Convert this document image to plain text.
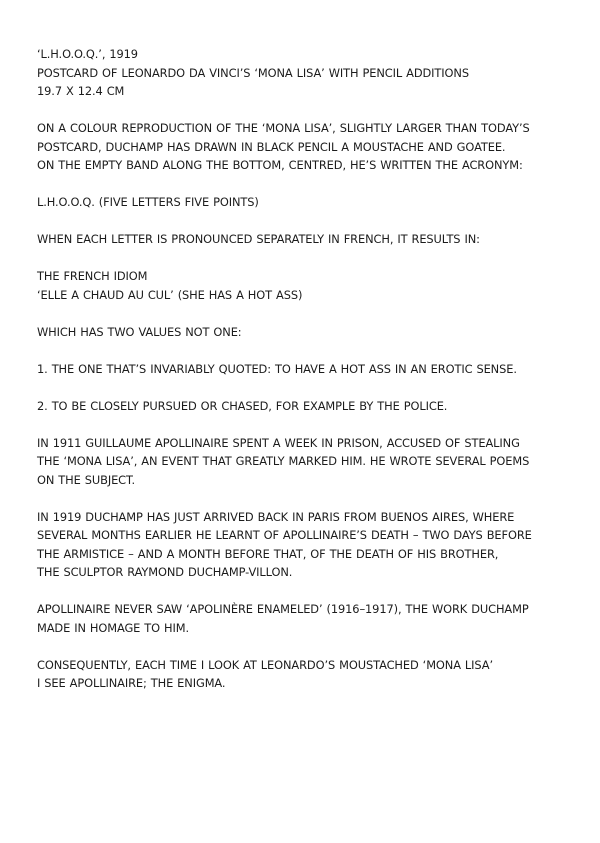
‘L.H.O.O.Q.’, 1919
POSTCARD OF LEONARDO DA VINCI’S ‘MONA LISA’ WITH PENCIL ADDITIONS
19.7 X 12.4 CM
ON A COLOUR REPRODUCTION OF THE ‘MONA LISA’, SLIGHTLY LARGER THAN TODAY’S
POSTCARD, DUCHAMP HAS DRAWN IN BLACK PENCIL A MOUSTACHE AND GOATEE.
ON THE EMPTY BAND ALONG THE BOTTOM, CENTRED, HE’S WRITTEN THE ACRONYM:
L.H.O.O.Q. (FIVE LETTERS FIVE POINTS)
WHEN EACH LETTER IS PRONOUNCED SEPARATELY IN FRENCH, IT RESULTS IN:
THE FRENCH IDIOM
‘ELLE A CHAUD AU CUL’ (SHE HAS A HOT ASS)
WHICH HAS TWO VALUES NOT ONE:
1. THE ONE THAT’S INVARIABLY QUOTED: TO HAVE A HOT ASS IN AN EROTIC SENSE.
2. TO BE CLOSELY PURSUED OR CHASED, FOR EXAMPLE BY THE POLICE.
IN 1911 GUILLAUME APOLLINAIRE SPENT A WEEK IN PRISON, ACCUSED OF STEALING
THE ‘MONA LISA’, AN EVENT THAT GREATLY MARKED HIM. HE WROTE SEVERAL POEMS
ON THE SUBJECT.
IN 1919 DUCHAMP HAS JUST ARRIVED BACK IN PARIS FROM BUENOS AIRES, WHERE
SEVERAL MONTHS EARLIER HE LEARNT OF APOLLINAIRE’S DEATH – TWO DAYS BEFORE
THE ARMISTICE – AND A MONTH BEFORE THAT, OF THE DEATH OF HIS BROTHER,
THE SCULPTOR RAYMOND DUCHAMP-VILLON.
APOLLINAIRE NEVER SAW ‘APOLINÈRE ENAMELED’ (1916–1917), THE WORK DUCHAMP
MADE IN HOMAGE TO HIM.
CONSEQUENTLY, EACH TIME I LOOK AT LEONARDO’S MOUSTACHED ‘MONA LISA’
I SEE APOLLINAIRE; THE ENIGMA.
